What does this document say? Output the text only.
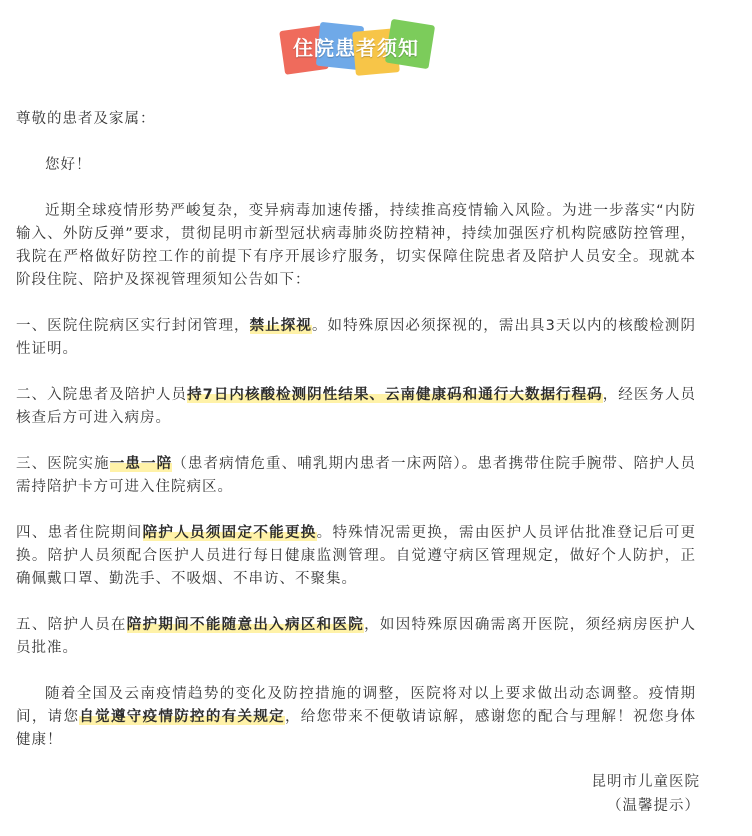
住院患者须知

尊敬的患者及家属：

您好！

近期全球疫情形势严峻复杂，变异病毒加速传播，持续推高疫情输入风险。为进一步落实“内防输入、外防反弹”要求，贯彻昆明市新型冠状病毒肺炎防控精神，持续加强医疗机构院感防控管理，我院在严格做好防控工作的前提下有序开展诊疗服务，切实保障住院患者及陪护人员安全。现就本阶段住院、陪护及探视管理须知公告如下：

一、医院住院病区实行封闭管理，禁止探视。如特殊原因必须探视的，需出具3天以内的核酸检测阴性证明。

二、入院患者及陪护人员持7日内核酸检测阴性结果、云南健康码和通行大数据行程码，经医务人员核查后方可进入病房。

三、医院实施一患一陪（患者病情危重、哺乳期内患者一床两陪）。患者携带住院手腕带、陪护人员需持陪护卡方可进入住院病区。

四、患者住院期间陪护人员须固定不能更换。特殊情况需更换，需由医护人员评估批准登记后可更换。陪护人员须配合医护人员进行每日健康监测管理。自觉遵守病区管理规定，做好个人防护，正确佩戴口罩、勤洗手、不吸烟、不串访、不聚集。

五、陪护人员在陪护期间不能随意出入病区和医院，如因特殊原因确需离开医院，须经病房医护人员批准。

随着全国及云南疫情趋势的变化及防控措施的调整，医院将对以上要求做出动态调整。疫情期间，请您自觉遵守疫情防控的有关规定，给您带来不便敬请谅解，感谢您的配合与理解！祝您身体健康！

昆明市儿童医院
（温馨提示）
